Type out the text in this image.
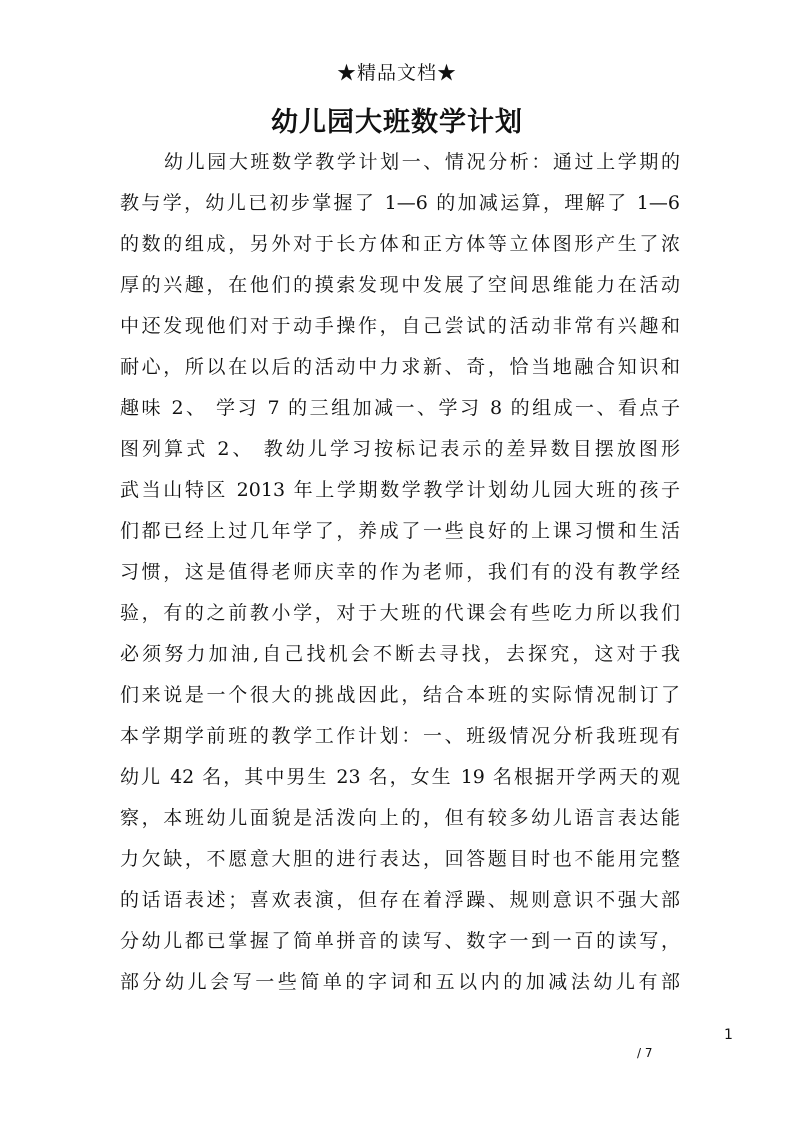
★精品文档★
幼儿园大班数学计划
幼儿园大班数学教学计划一、情况分析：通过上学期的
教与学，幼儿已初步掌握了 1—6 的加减运算，理解了 1—6
的数的组成，另外对于长方体和正方体等立体图形产生了浓
厚的兴趣，在他们的摸索发现中发展了空间思维能力在活动
中还发现他们对于动手操作，自己尝试的活动非常有兴趣和
耐心，所以在以后的活动中力求新、奇，恰当地融合知识和
趣味 2、 学习 7 的三组加减一、学习 8 的组成一、看点子
图列算式 2、 教幼儿学习按标记表示的差异数目摆放图形
武当山特区 2013 年上学期数学教学计划幼儿园大班的孩子
们都已经上过几年学了，养成了一些良好的上课习惯和生活
习惯，这是值得老师庆幸的作为老师，我们有的没有教学经
验，有的之前教小学，对于大班的代课会有些吃力所以我们
必须努力加油,自己找机会不断去寻找，去探究，这对于我
们来说是一个很大的挑战因此，结合本班的实际情况制订了
本学期学前班的教学工作计划：一、班级情况分析我班现有
幼儿 42 名，其中男生 23 名，女生 19 名根据开学两天的观
察，本班幼儿面貌是活泼向上的，但有较多幼儿语言表达能
力欠缺，不愿意大胆的进行表达，回答题目时也不能用完整
的话语表述；喜欢表演，但存在着浮躁、规则意识不强大部
分幼儿都已掌握了简单拼音的读写、数字一到一百的读写，
部分幼儿会写一些简单的字词和五以内的加减法幼儿有部
1
/ 7
